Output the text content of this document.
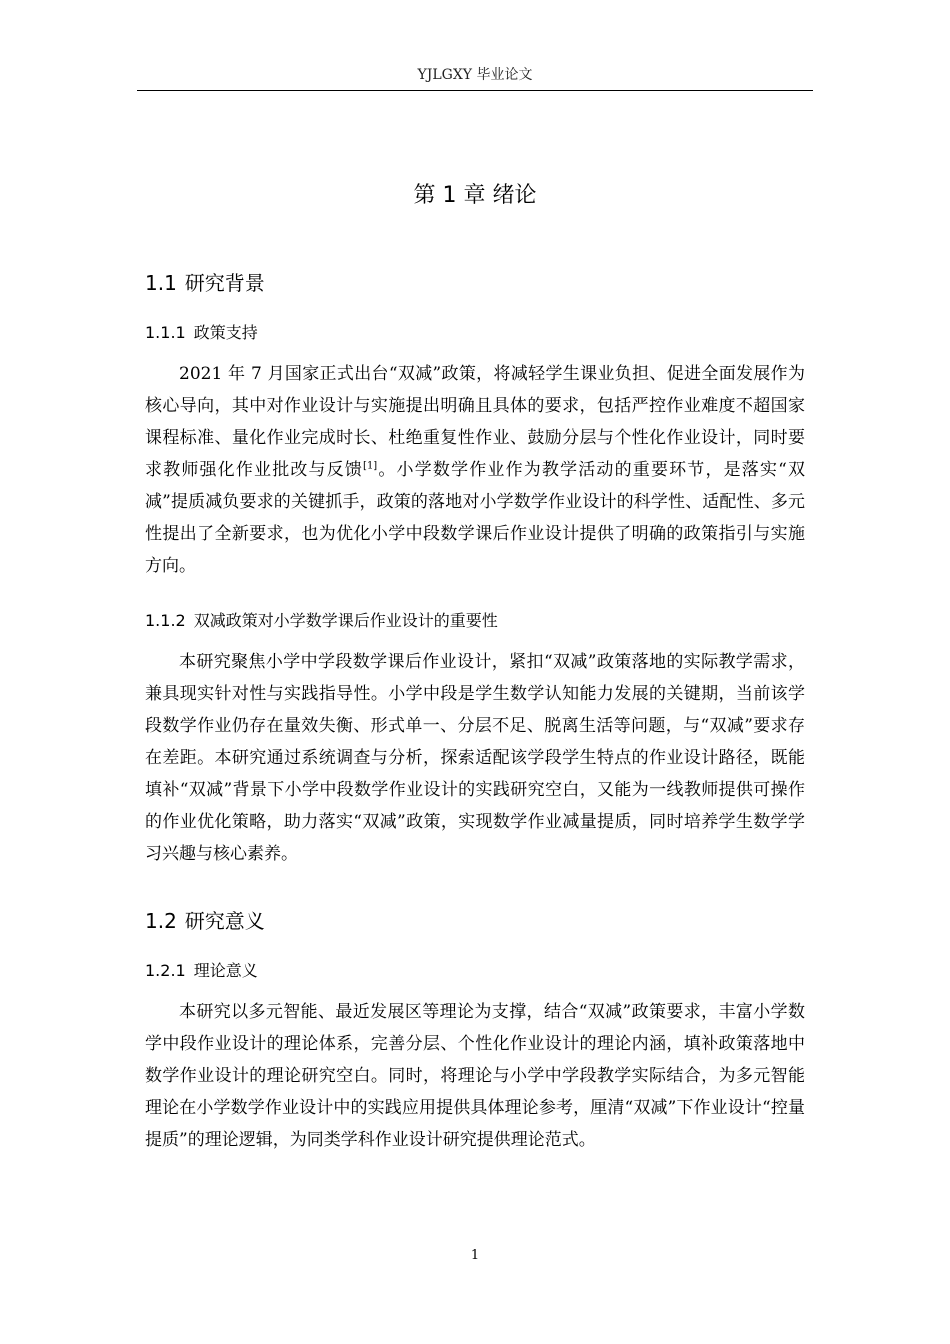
YJLGXY 毕业论文
第 1 章 绪论
1.1 研究背景
1.1.1 政策支持

2021 年 7 月国家正式出台“双减”政策，将减轻学生课业负担、促进全面发展作为核心导向，其中对作业设计与实施提出明确且具体的要求，包括严控作业难度不超国家课程标准、量化作业完成时长、杜绝重复性作业、鼓励分层与个性化作业设计，同时要求教师强化作业批改与反馈[1]。小学数学作业作为教学活动的重要环节，是落实“双减”提质减负要求的关键抓手，政策的落地对小学数学作业设计的科学性、适配性、多元性提出了全新要求，也为优化小学中段数学课后作业设计提供了明确的政策指引与实施方向。

1.1.2 双减政策对小学数学课后作业设计的重要性

本研究聚焦小学中学段数学课后作业设计，紧扣“双减”政策落地的实际教学需求，兼具现实针对性与实践指导性。小学中段是学生数学认知能力发展的关键期，当前该学段数学作业仍存在量效失衡、形式单一、分层不足、脱离生活等问题，与“双减”要求存在差距。本研究通过系统调查与分析，探索适配该学段学生特点的作业设计路径，既能填补“双减”背景下小学中段数学作业设计的实践研究空白，又能为一线教师提供可操作的作业优化策略，助力落实“双减”政策，实现数学作业减量提质，同时培养学生数学学习兴趣与核心素养。

1.2 研究意义
1.2.1 理论意义

本研究以多元智能、最近发展区等理论为支撑，结合“双减”政策要求，丰富小学数学中段作业设计的理论体系，完善分层、个性化作业设计的理论内涵，填补政策落地中数学作业设计的理论研究空白。同时，将理论与小学中学段教学实际结合，为多元智能理论在小学数学作业设计中的实践应用提供具体理论参考，厘清“双减”下作业设计“控量提质”的理论逻辑，为同类学科作业设计研究提供理论范式。

1
